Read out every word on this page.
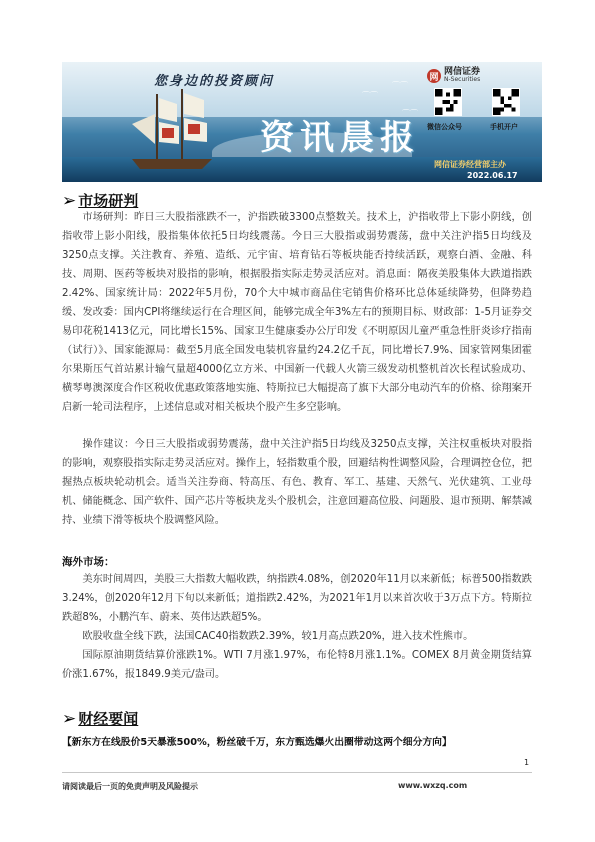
⌒⌒
⌒⌒
⌒⌒
您身边的投资顾问
资讯晨报
网
网信证券
N-Securities
微信公众号	手机开户
网信证券经营部主办
2022.06.17
➢ 市场研判
市场研判：昨日三大股指涨跌不一，沪指跌破3300点整数关。技术上，沪指收带上下影小阴线，创指收带上影小阳线，股指集体依托5日均线震荡。今日三大股指或弱势震荡，盘中关注沪指5日均线及3250点支撑。关注教育、养殖、造纸、元宇宙、培育钻石等板块能否持续活跃，观察白酒、金融、科技、周期、医药等板块对股指的影响，根据股指实际走势灵活应对。消息面：隔夜美股集体大跌道指跌2.42%、国家统计局：2022年5月份，70个大中城市商品住宅销售价格环比总体延续降势，但降势趋缓、发改委：国内CPI将继续运行在合理区间，能够完成全年3%左右的预期目标、财政部：1-5月证券交易印花税1413亿元，同比增长15%、国家卫生健康委办公厅印发《不明原因儿童严重急性肝炎诊疗指南（试行）》、国家能源局：截至5月底全国发电装机容量约24.2亿千瓦，同比增长7.9%、国家管网集团霍尔果斯压气首站累计输气量超4000亿立方米、中国新一代载人火箭三级发动机整机首次长程试验成功、横琴粤澳深度合作区税收优惠政策落地实施、特斯拉已大幅提高了旗下大部分电动汽车的价格、徐翔案开启新一轮司法程序，上述信息或对相关板块个股产生多空影响。
操作建议：今日三大股指或弱势震荡，盘中关注沪指5日均线及3250点支撑，关注权重板块对股指的影响，观察股指实际走势灵活应对。操作上，轻指数重个股，回避结构性调整风险，合理调控仓位，把握热点板块轮动机会。适当关注券商、特高压、有色、教育、军工、基建、天然气、光伏建筑、工业母机、储能概念、国产软件、国产芯片等板块龙头个股机会，注意回避高位股、问题股、退市预期、解禁减持、业绩下滑等板块个股调整风险。
海外市场：
美东时间周四，美股三大指数大幅收跌，纳指跌4.08%，创2020年11月以来新低；标普500指数跌3.24%，创2020年12月下旬以来新低；道指跌2.42%，为2021年1月以来首次收于3万点下方。特斯拉跌超8%，小鹏汽车、蔚来、英伟达跌超5%。
欧股收盘全线下跌，法国CAC40指数跌2.39%，较1月高点跌20%，进入技术性熊市。
国际原油期货结算价涨跌1%。WTI 7月涨1.97%，布伦特8月涨1.1%。COMEX 8月黄金期货结算价涨1.67%，报1849.9美元/盎司。
➢ 财经要闻
【新东方在线股价5天暴涨500%，粉丝破千万，东方甄选爆火出圈带动这两个细分方向】
1
请阅读最后一页的免责声明及风险提示	www.wxzq.com
